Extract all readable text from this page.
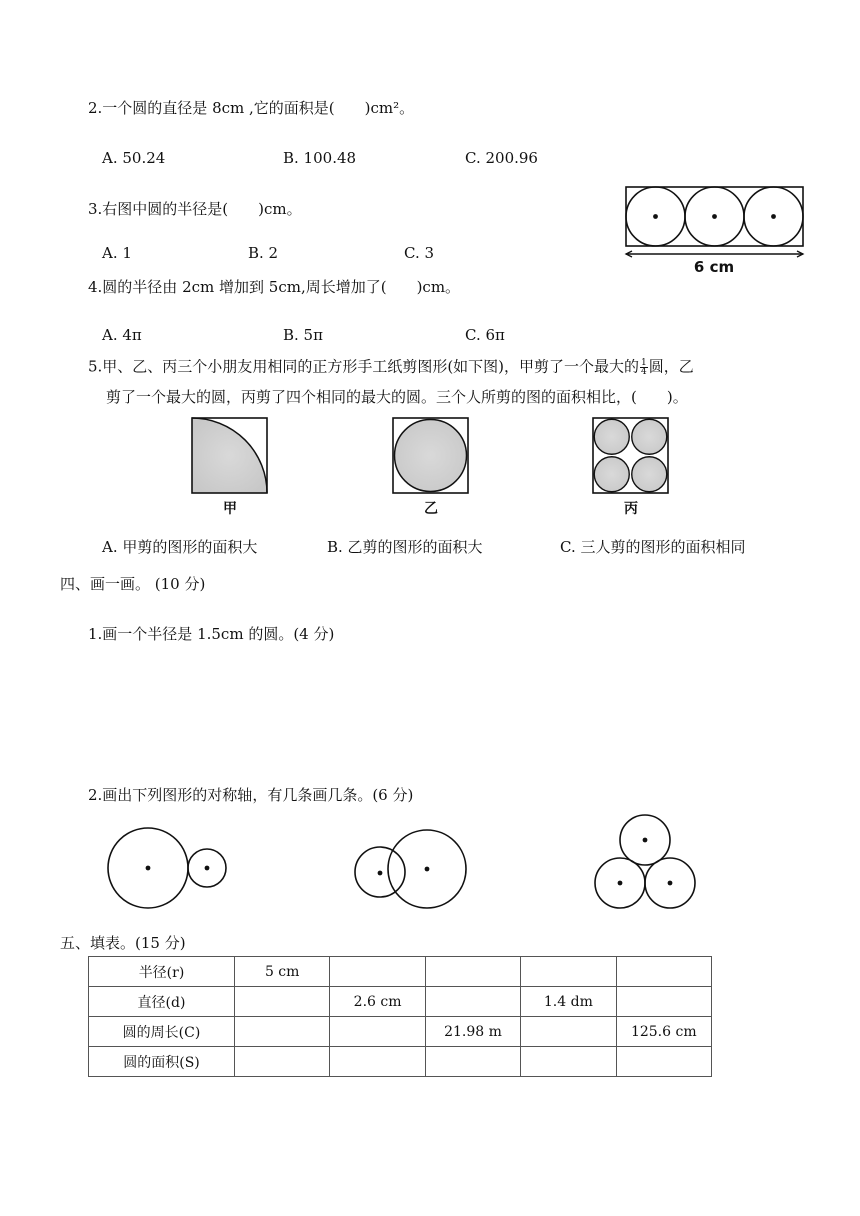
2.一个圆的直径是 8cm ,它的面积是(　　)cm²。
A. 50.24	B. 100.48	C. 200.96
3.右图中圆的半径是(　　)cm。
A. 1	B. 2	C. 3
6 cm
4.圆的半径由 2cm 增加到 5cm,周长增加了(　　)cm。
A. 4π	B. 5π	C. 6π
5.甲、乙、丙三个小朋友用相同的正方形手工纸剪图形(如下图)，甲剪了一个最大的 $\frac{1}{4}$ 圆，乙
剪了一个最大的圆，丙剪了四个相同的最大的圆。三个人所剪的图的面积相比，(　　)。
甲	乙	丙
A. 甲剪的图形的面积大	B. 乙剪的图形的面积大	C. 三人剪的图形的面积相同
四、画一画。 (10 分)
1.画一个半径是 1.5cm 的圆。(4 分)
2.画出下列图形的对称轴，有几条画几条。(6 分)
五、填表。(15 分)
半径(r)	5 cm				
直径(d)		2.6 cm		1.4 dm	
圆的周长(C)			21.98 m		125.6 cm
圆的面积(S)					
